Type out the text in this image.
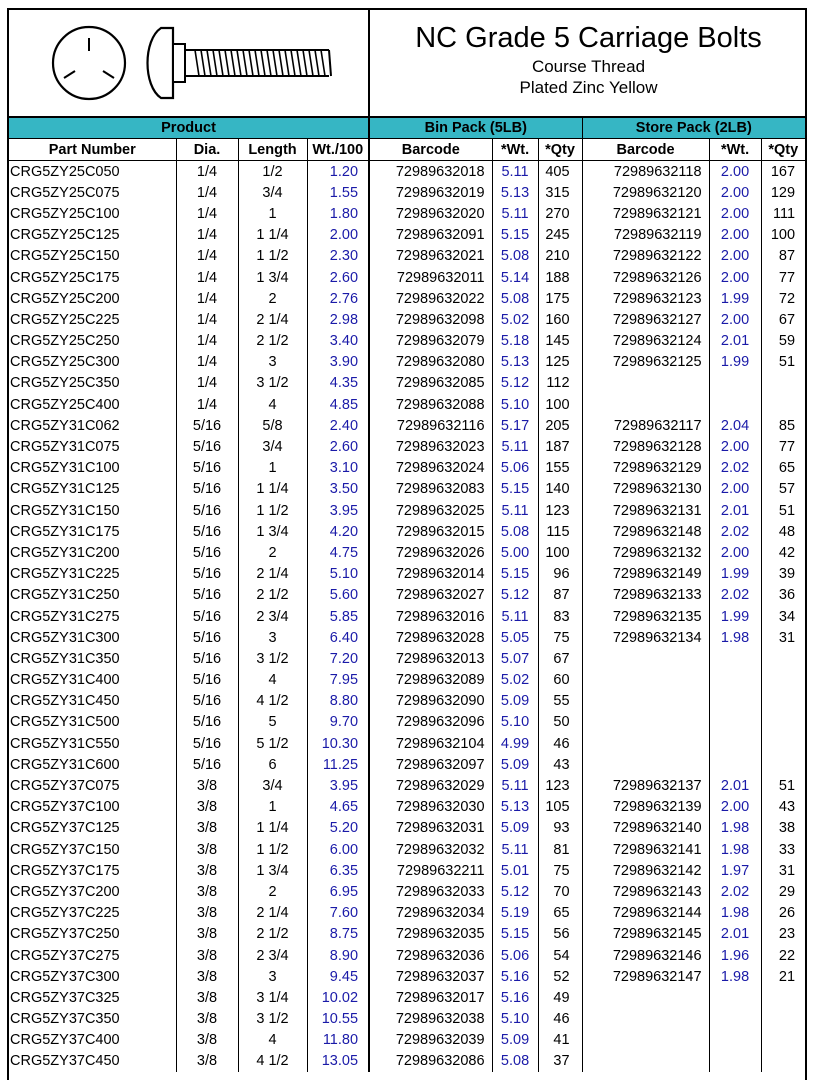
NC Grade 5 Carriage Bolts
Course Thread
Plated Zinc Yellow
Product				Bin Pack (5LB)			Store Pack (2LB)		
Part Number	Dia.	Length	Wt./100	Barcode	*Wt.	*Qty	Barcode	*Wt.	*Qty
CRG5ZY25C050	1/4	1/2	1.20	72989632018	5.11	405	72989632118	2.00	167
CRG5ZY25C075	1/4	3/4	1.55	72989632019	5.13	315	72989632120	2.00	129
CRG5ZY25C100	1/4	1	1.80	72989632020	5.11	270	72989632121	2.00	111
CRG5ZY25C125	1/4	1 1/4	2.00	72989632091	5.15	245	72989632119	2.00	100
CRG5ZY25C150	1/4	1 1/2	2.30	72989632021	5.08	210	72989632122	2.00	87
CRG5ZY25C175	1/4	1 3/4	2.60	72989632011	5.14	188	72989632126	2.00	77
CRG5ZY25C200	1/4	2	2.76	72989632022	5.08	175	72989632123	1.99	72
CRG5ZY25C225	1/4	2 1/4	2.98	72989632098	5.02	160	72989632127	2.00	67
CRG5ZY25C250	1/4	2 1/2	3.40	72989632079	5.18	145	72989632124	2.01	59
CRG5ZY25C300	1/4	3	3.90	72989632080	5.13	125	72989632125	1.99	51
CRG5ZY25C350	1/4	3 1/2	4.35	72989632085	5.12	112			
CRG5ZY25C400	1/4	4	4.85	72989632088	5.10	100			
CRG5ZY31C062	5/16	5/8	2.40	72989632116	5.17	205	72989632117	2.04	85
CRG5ZY31C075	5/16	3/4	2.60	72989632023	5.11	187	72989632128	2.00	77
CRG5ZY31C100	5/16	1	3.10	72989632024	5.06	155	72989632129	2.02	65
CRG5ZY31C125	5/16	1 1/4	3.50	72989632083	5.15	140	72989632130	2.00	57
CRG5ZY31C150	5/16	1 1/2	3.95	72989632025	5.11	123	72989632131	2.01	51
CRG5ZY31C175	5/16	1 3/4	4.20	72989632015	5.08	115	72989632148	2.02	48
CRG5ZY31C200	5/16	2	4.75	72989632026	5.00	100	72989632132	2.00	42
CRG5ZY31C225	5/16	2 1/4	5.10	72989632014	5.15	96	72989632149	1.99	39
CRG5ZY31C250	5/16	2 1/2	5.60	72989632027	5.12	87	72989632133	2.02	36
CRG5ZY31C275	5/16	2 3/4	5.85	72989632016	5.11	83	72989632135	1.99	34
CRG5ZY31C300	5/16	3	6.40	72989632028	5.05	75	72989632134	1.98	31
CRG5ZY31C350	5/16	3 1/2	7.20	72989632013	5.07	67			
CRG5ZY31C400	5/16	4	7.95	72989632089	5.02	60			
CRG5ZY31C450	5/16	4 1/2	8.80	72989632090	5.09	55			
CRG5ZY31C500	5/16	5	9.70	72989632096	5.10	50			
CRG5ZY31C550	5/16	5 1/2	10.30	72989632104	4.99	46			
CRG5ZY31C600	5/16	6	11.25	72989632097	5.09	43			
CRG5ZY37C075	3/8	3/4	3.95	72989632029	5.11	123	72989632137	2.01	51
CRG5ZY37C100	3/8	1	4.65	72989632030	5.13	105	72989632139	2.00	43
CRG5ZY37C125	3/8	1 1/4	5.20	72989632031	5.09	93	72989632140	1.98	38
CRG5ZY37C150	3/8	1 1/2	6.00	72989632032	5.11	81	72989632141	1.98	33
CRG5ZY37C175	3/8	1 3/4	6.35	72989632211	5.01	75	72989632142	1.97	31
CRG5ZY37C200	3/8	2	6.95	72989632033	5.12	70	72989632143	2.02	29
CRG5ZY37C225	3/8	2 1/4	7.60	72989632034	5.19	65	72989632144	1.98	26
CRG5ZY37C250	3/8	2 1/2	8.75	72989632035	5.15	56	72989632145	2.01	23
CRG5ZY37C275	3/8	2 3/4	8.90	72989632036	5.06	54	72989632146	1.96	22
CRG5ZY37C300	3/8	3	9.45	72989632037	5.16	52	72989632147	1.98	21
CRG5ZY37C325	3/8	3 1/4	10.02	72989632017	5.16	49			
CRG5ZY37C350	3/8	3 1/2	10.55	72989632038	5.10	46			
CRG5ZY37C400	3/8	4	11.80	72989632039	5.09	41			
CRG5ZY37C450	3/8	4 1/2	13.05	72989632086	5.08	37			
